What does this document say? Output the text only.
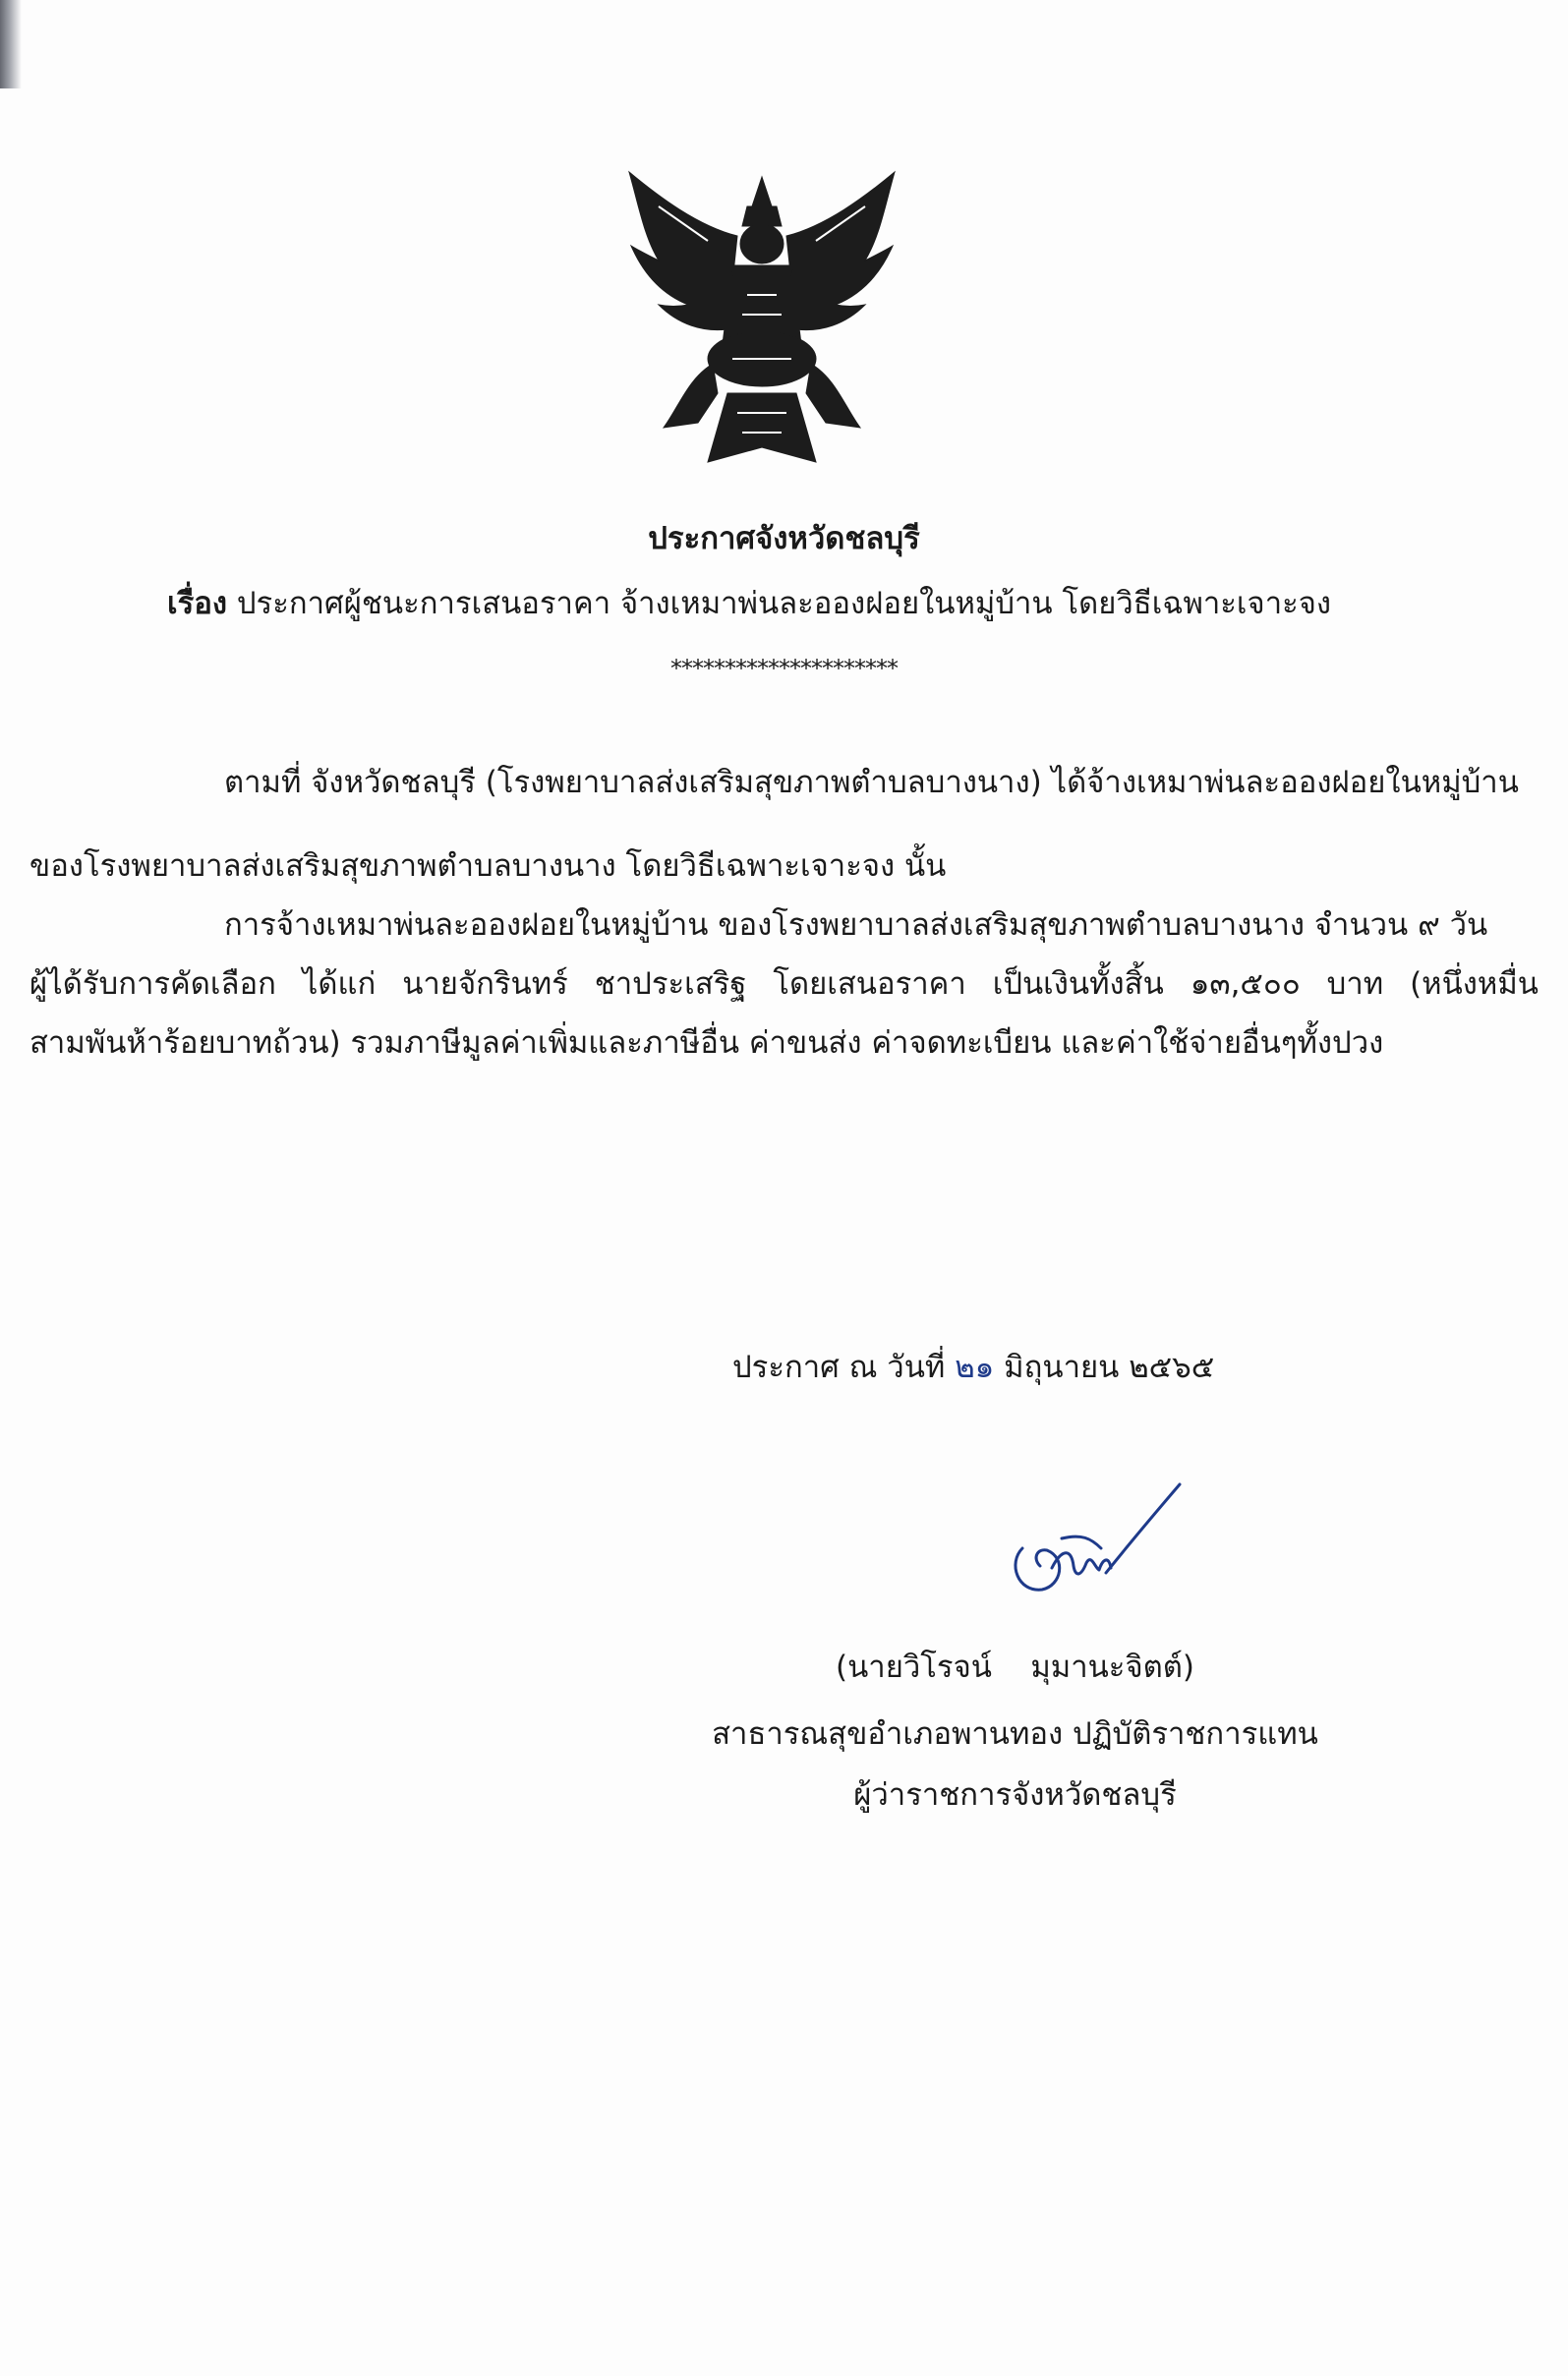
ประกาศจังหวัดชลบุรี
เรื่อง ประกาศผู้ชนะการเสนอราคา จ้างเหมาพ่นละอองฝอยในหมู่บ้าน โดยวิธีเฉพาะเจาะจง
*********************
ตามที่ จังหวัดชลบุรี (โรงพยาบาลส่งเสริมสุขภาพตำบลบางนาง) ได้จ้างเหมาพ่นละอองฝอยในหมู่บ้าน
ของโรงพยาบาลส่งเสริมสุขภาพตำบลบางนาง โดยวิธีเฉพาะเจาะจง นั้น
การจ้างเหมาพ่นละอองฝอยในหมู่บ้าน ของโรงพยาบาลส่งเสริมสุขภาพตำบลบางนาง จำนวน ๙ วัน
ผู้ได้รับการคัดเลือก ได้แก่ นายจักรินทร์ ชาประเสริฐ โดยเสนอราคา เป็นเงินทั้งสิ้น ๑๓,๕๐๐ บาท (หนึ่งหมื่น
สามพันห้าร้อยบาทถ้วน) รวมภาษีมูลค่าเพิ่มและภาษีอื่น ค่าขนส่ง ค่าจดทะเบียน และค่าใช้จ่ายอื่นๆทั้งปวง
ประกาศ ณ วันที่ ๒๑ มิถุนายน ๒๕๖๕
(นายวิโรจน์    มุมานะจิตต์)
สาธารณสุขอำเภอพานทอง ปฏิบัติราชการแทน
ผู้ว่าราชการจังหวัดชลบุรี
